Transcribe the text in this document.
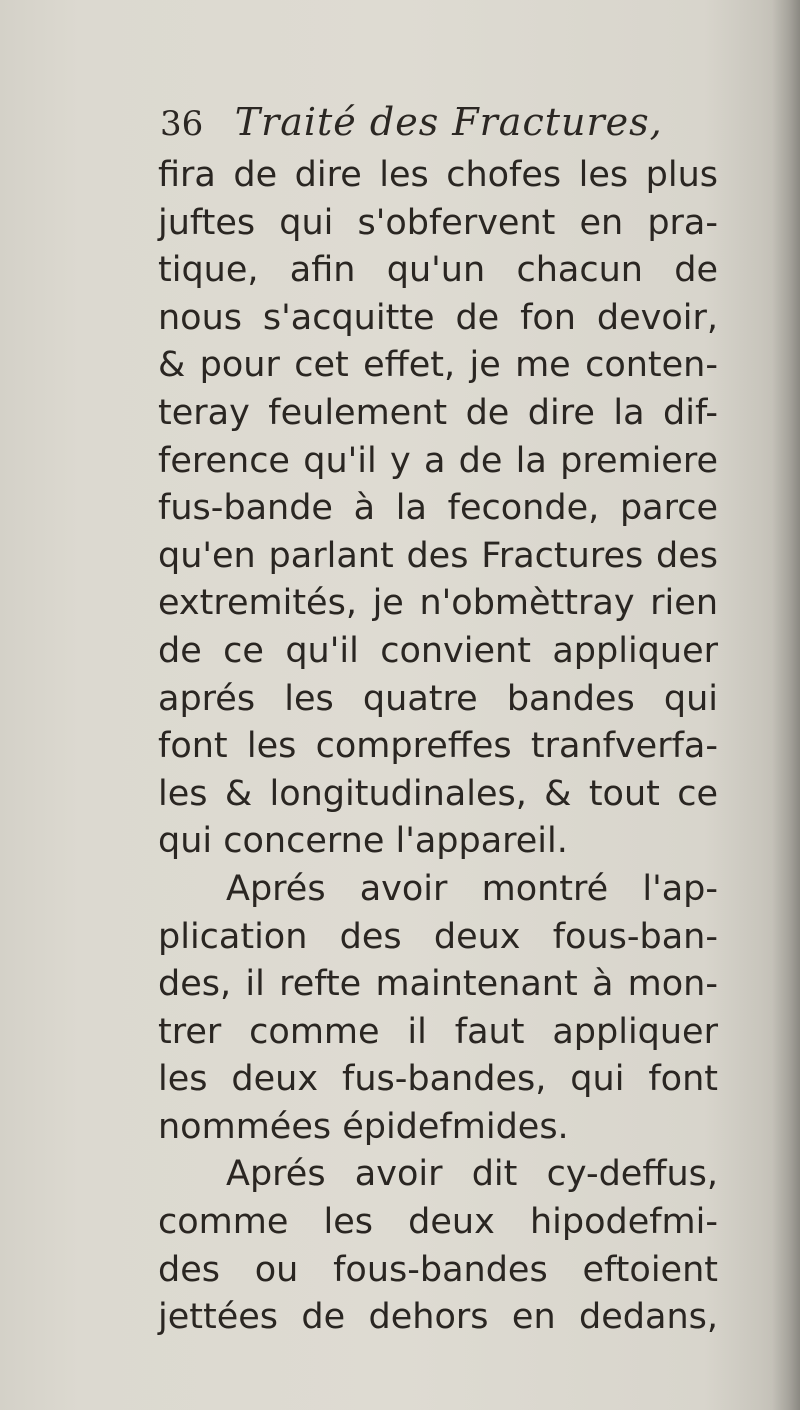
36 Traité des Fractures,
fira de dire les chofes les plus
juftes qui s'obfervent en pra-
tique, afin qu'un chacun de
nous s'acquitte de fon devoir,
& pour cet effet, je me conten-
teray feulement de dire la dif-
ference qu'il y a de la premiere
fus-bande à la feconde, parce
qu'en parlant des Fractures des
extremités, je n'obmèttray rien
de ce qu'il convient appliquer
aprés les quatre bandes qui
font les compreffes tranfverfa-
les & longitudinales, & tout ce
qui concerne l'appareil.
Aprés avoir montré l'ap-
plication des deux fous-ban-
des, il refte maintenant à mon-
trer comme il faut appliquer
les deux fus-bandes, qui font
nommées épidefmides.
Aprés avoir dit cy-deffus,
comme les deux hipodefmi-
des ou fous-bandes eftoient
jettées de dehors en dedans,
